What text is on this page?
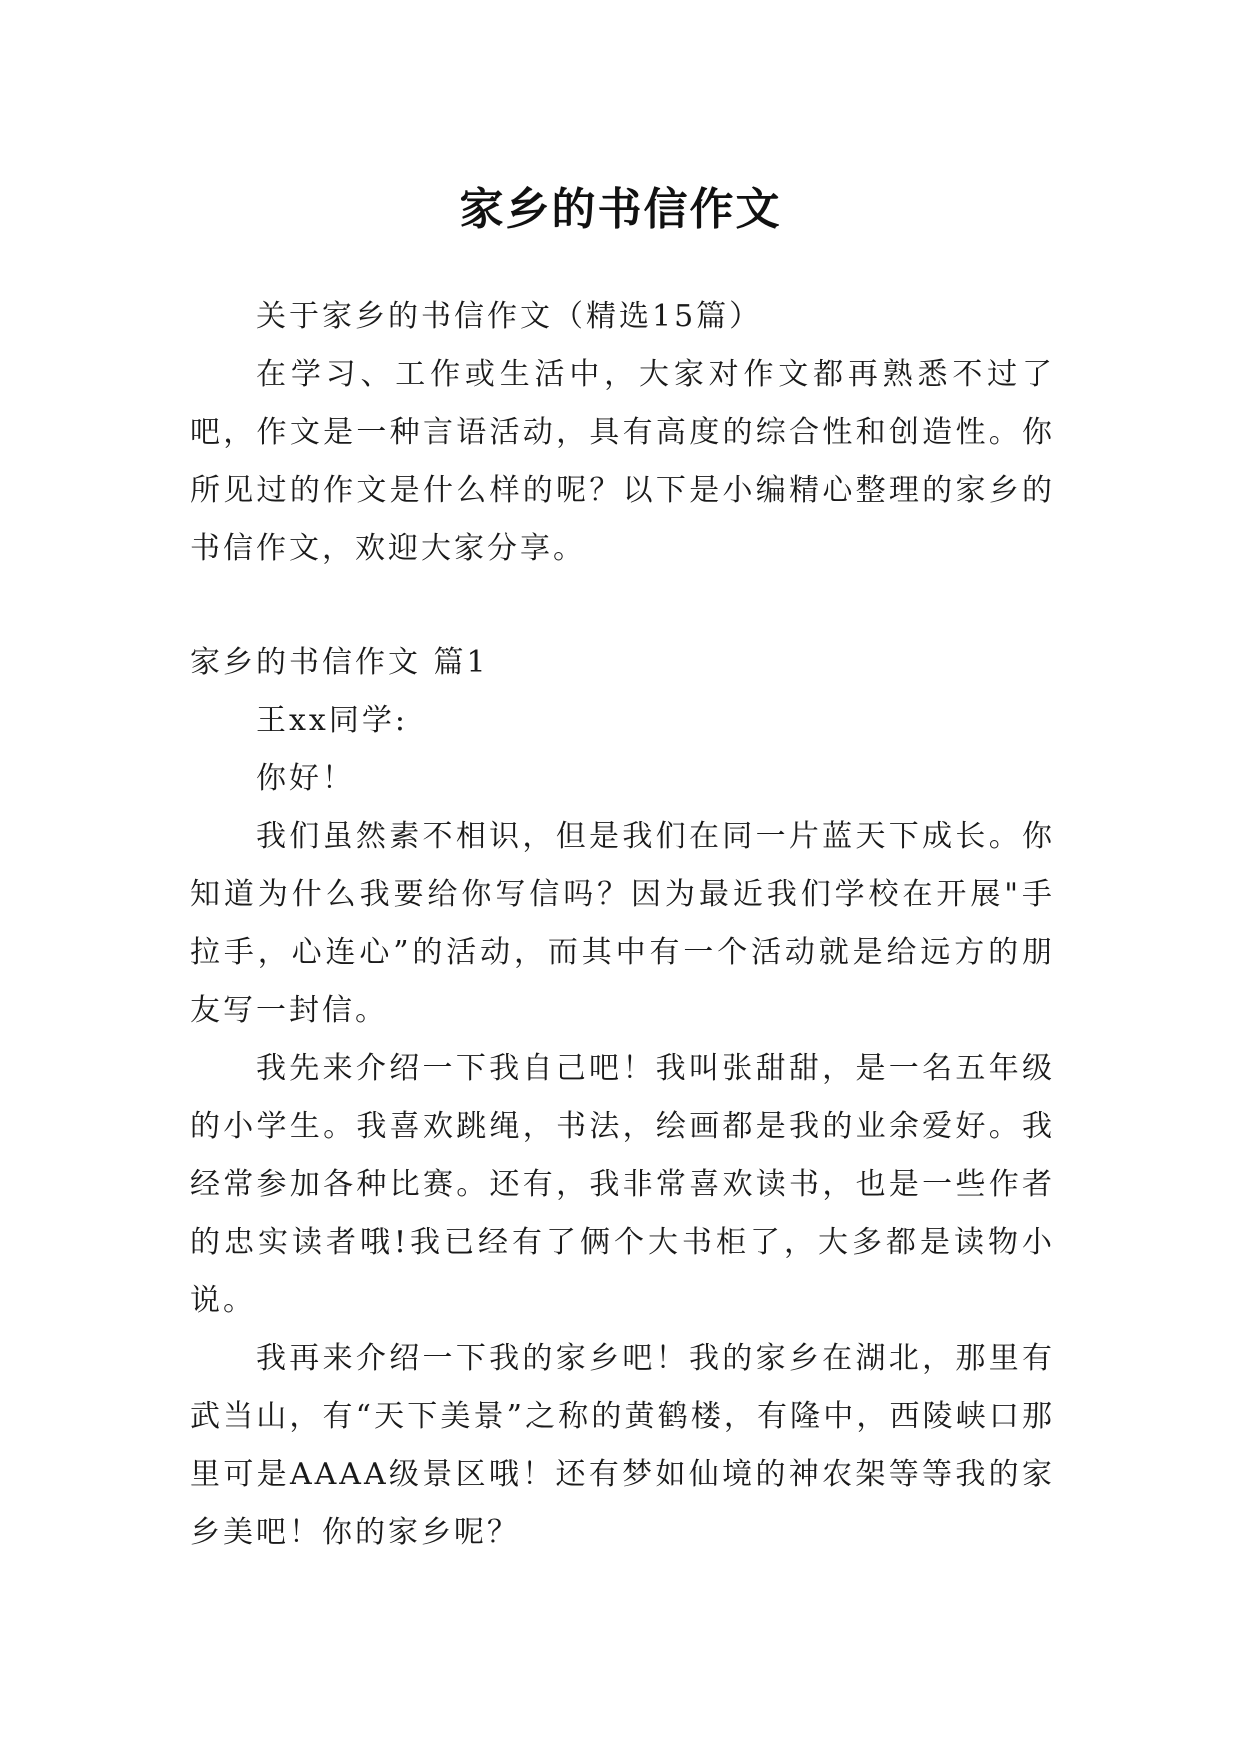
家乡的书信作文

关于家乡的书信作文（精选15篇）

在学习、工作或生活中，大家对作文都再熟悉不过了吧，作文是一种言语活动，具有高度的综合性和创造性。你所见过的作文是什么样的呢？以下是小编精心整理的家乡的书信作文，欢迎大家分享。

家乡的书信作文 篇1

王xx同学:

你好！

我们虽然素不相识，但是我们在同一片蓝天下成长。你知道为什么我要给你写信吗？因为最近我们学校在开展"手拉手，心连心”的活动，而其中有一个活动就是给远方的朋友写一封信。

我先来介绍一下我自己吧！我叫张甜甜，是一名五年级的小学生。我喜欢跳绳，书法，绘画都是我的业余爱好。我经常参加各种比赛。还有，我非常喜欢读书，也是一些作者的忠实读者哦!我已经有了俩个大书柜了，大多都是读物小说。

我再来介绍一下我的家乡吧！我的家乡在湖北，那里有武当山，有“天下美景”之称的黄鹤楼，有隆中，西陵峡口那里可是AAAA级景区哦！还有梦如仙境的神农架等等我的家乡美吧！你的家乡呢？
